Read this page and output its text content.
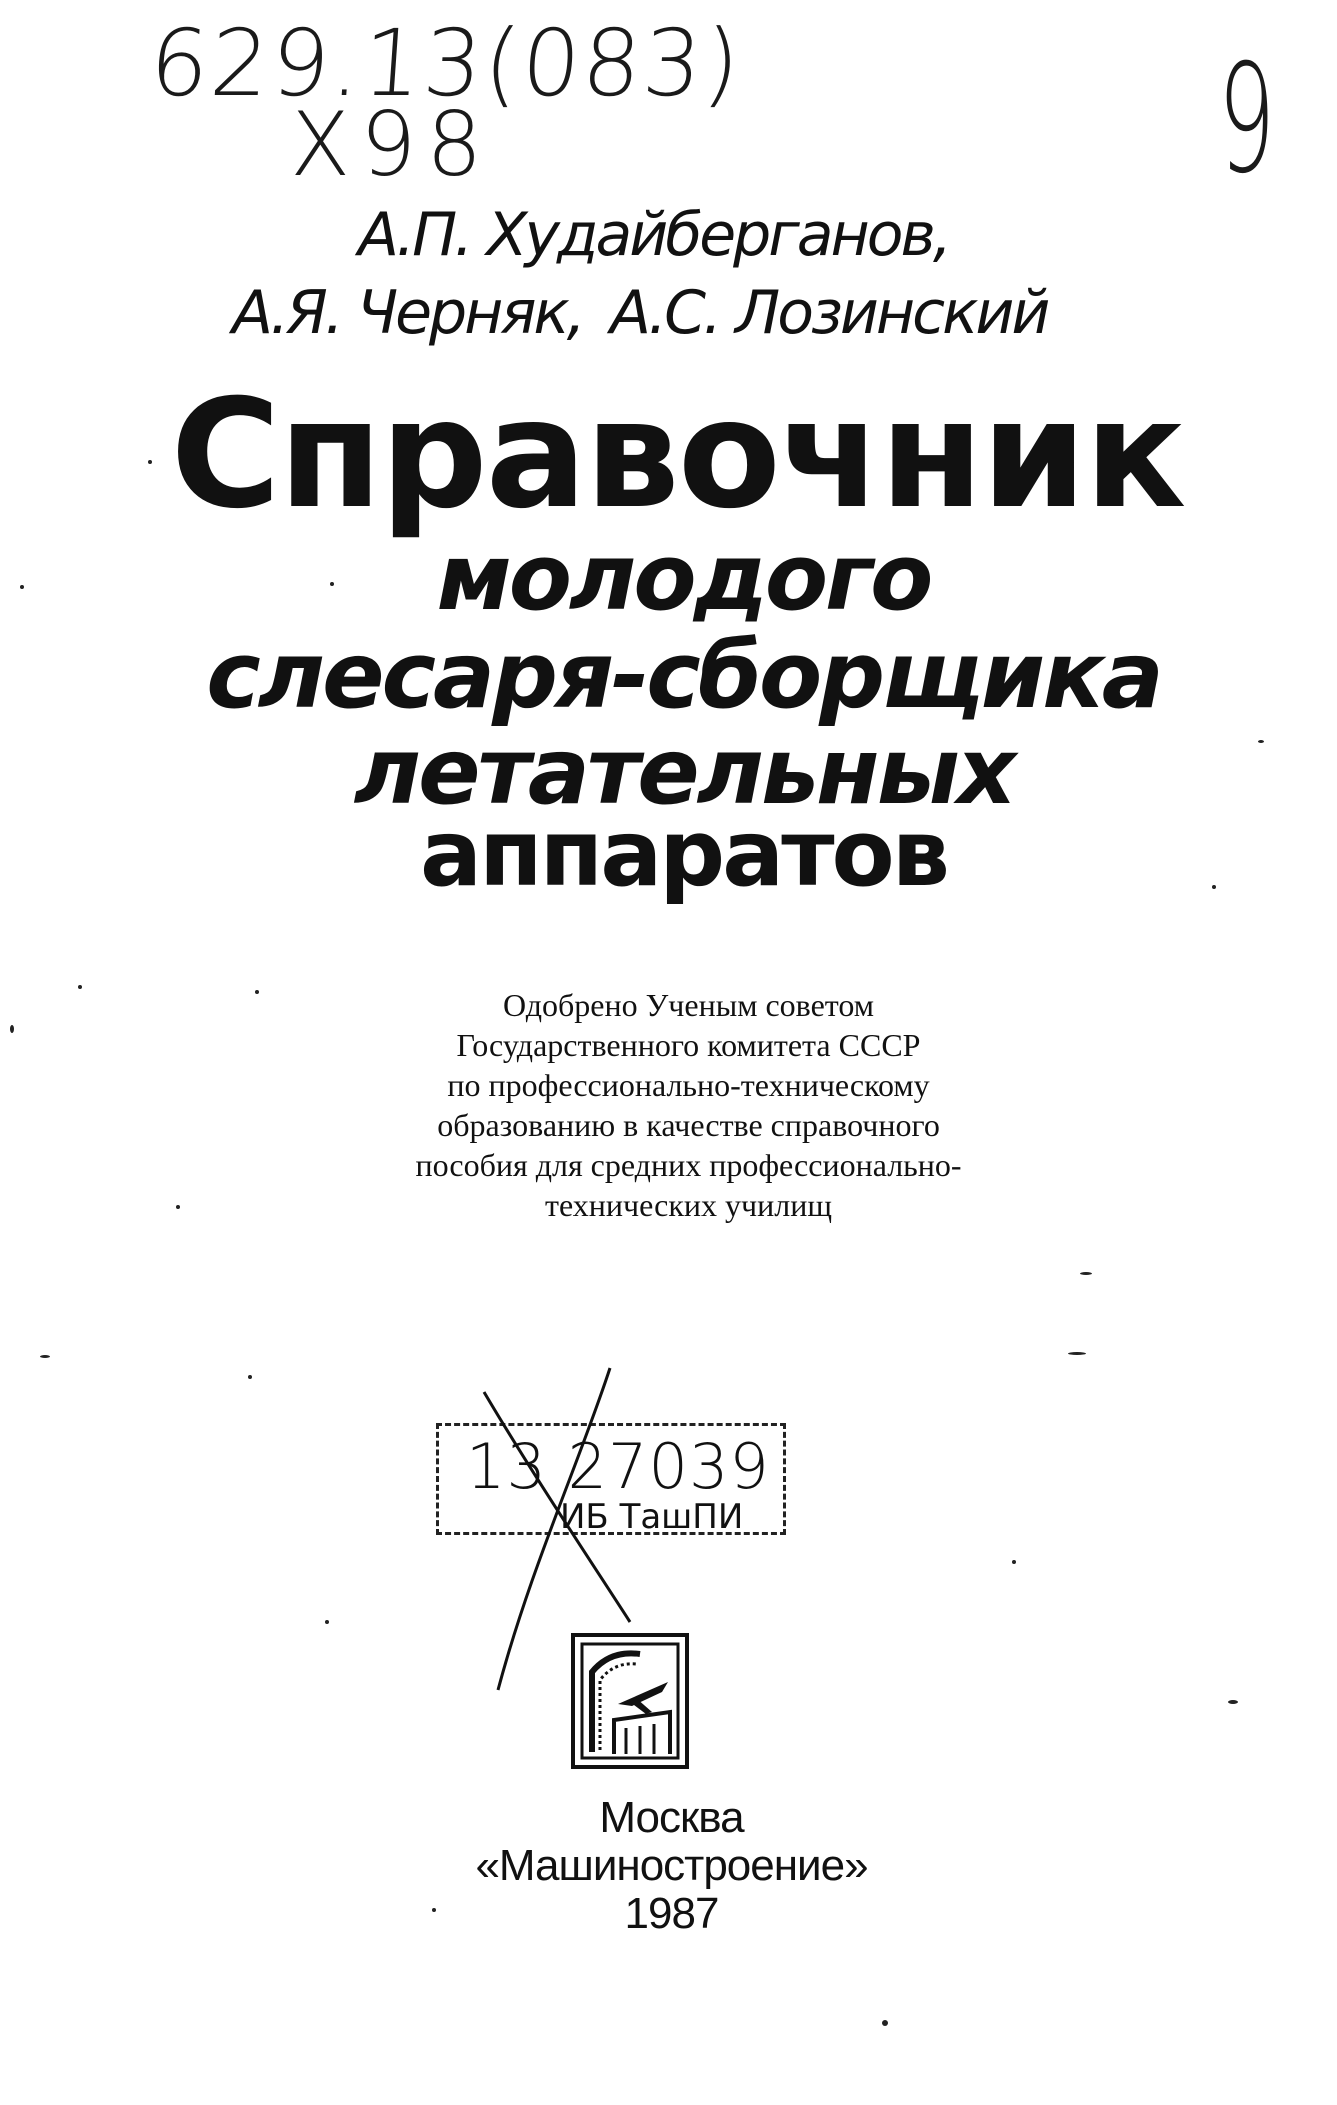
629.13(083)
X98	9
А.П. Худайберганов,
А.Я. Черняк, А.С. Лозинский
Справочник
молодого
слесаря-сборщика
летательных
аппаратов
Одобрено Ученым советом
Государственного комитета СССР
по профессионально-техническому
образованию в качестве справочного
пособия для средних профессионально-
технических училищ
13 27039
ИБ ТашПИ
Москва
«Машиностроение»
1987
